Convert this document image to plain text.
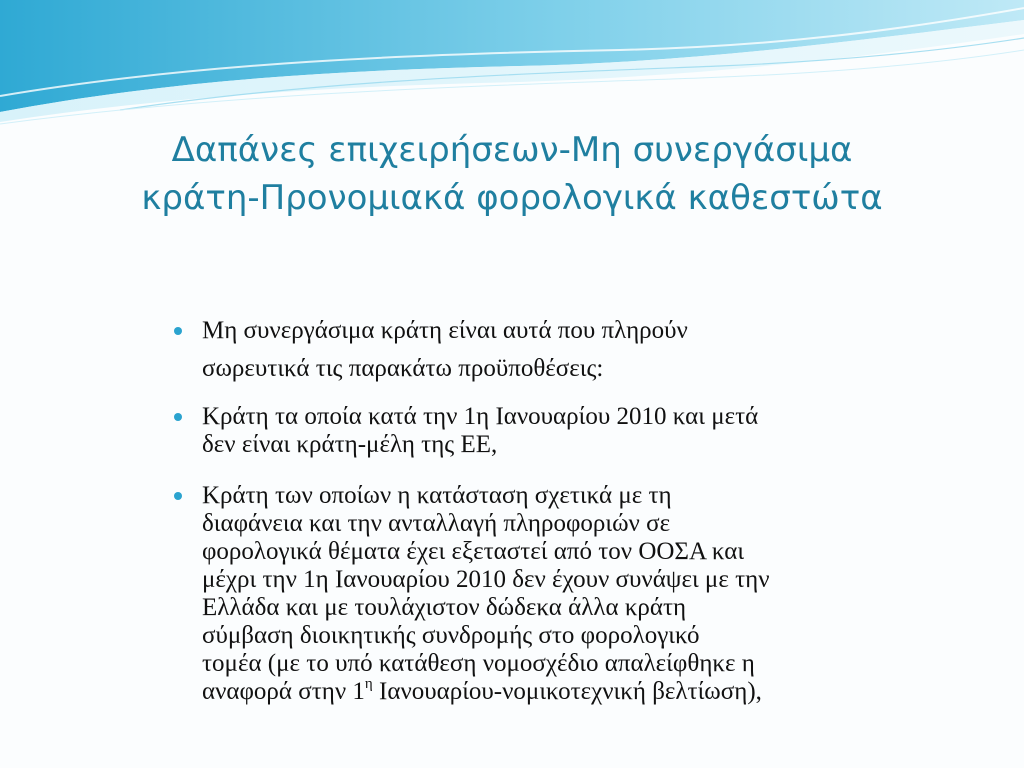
Δαπάνες επιχειρήσεων-Μη συνεργάσιμα
κράτη-Προνομιακά φορολογικά καθεστώτα
Μη συνεργάσιμα κράτη είναι αυτά που πληρούν
σωρευτικά τις παρακάτω προϋποθέσεις:
Κράτη τα οποία κατά την 1η Ιανουαρίου 2010 και μετά
δεν είναι κράτη-μέλη της ΕΕ,
Κράτη των οποίων η κατάσταση σχετικά με τη
διαφάνεια και την ανταλλαγή πληροφοριών σε
φορολογικά θέματα έχει εξεταστεί από τον ΟΟΣΑ και
μέχρι την 1η Ιανουαρίου 2010 δεν έχουν συνάψει με την
Ελλάδα και με τουλάχιστον δώδεκα άλλα κράτη
σύμβαση διοικητικής συνδρομής στο φορολογικό
τομέα (με το υπό κατάθεση νομοσχέδιο απαλείφθηκε η
αναφορά στην $1^\eta$ Ιανουαρίου-νομικοτεχνική βελτίωση),
